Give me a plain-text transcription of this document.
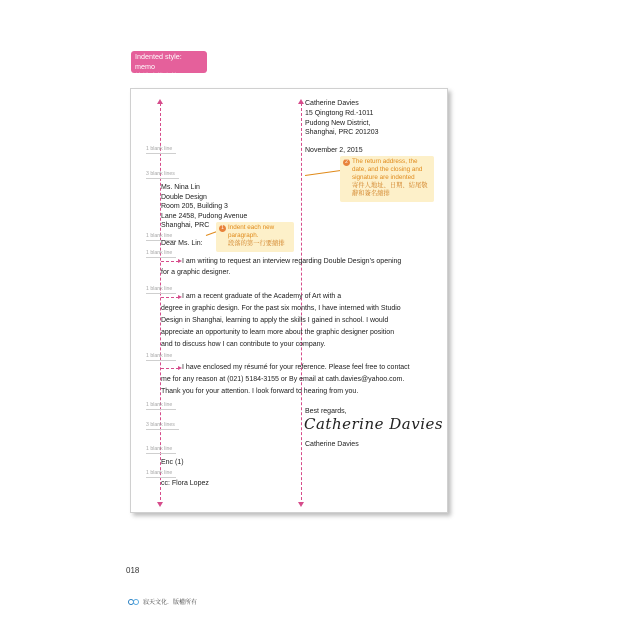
Indented style: memo
縮排式備忘錄
Catherine Davies
15 Qingtong Rd.-1011
Pudong New District,
Shanghai, PRC 201203
November 2, 2015
1 blank line
3 blank lines
1 blank line
1 blank line
1 blank line
1 blank line
1 blank line
3 blank lines
1 blank line
1 blank line
Ms. Nina Lin
Double Design
Room 205, Building 3
Lane 2458, Pudong Avenue
Shanghai, PRC
Dear Ms. Lin:
I am writing to request an interview regarding Double Design’s opening
for a graphic designer.
I am a recent graduate of the Academy of Art with a
degree in graphic design. For the past six months, I have interned with Studio
Design in Shanghai, learning to apply the skills I gained in school. I would
appreciate an opportunity to learn more about the graphic designer position
and to discuss how I can contribute to your company.
I have enclosed my résumé for your reference. Please feel free to contact
me for any reason at (021) 5184-3155 or By email at cath.davies@yahoo.com.
Thank you for your attention. I look forward to hearing from you.
Best regards,
Catherine Davies
Catherine Davies
Enc (1)
cc: Flora Lopez
1 Indent each new
paragraph.
段落的第一行要縮排
2 The return address, the
date, and the closing and
signature are indented
寄件人地址、日期、結尾敬
辭和簽名縮排
018
寂天文化．版權所有
